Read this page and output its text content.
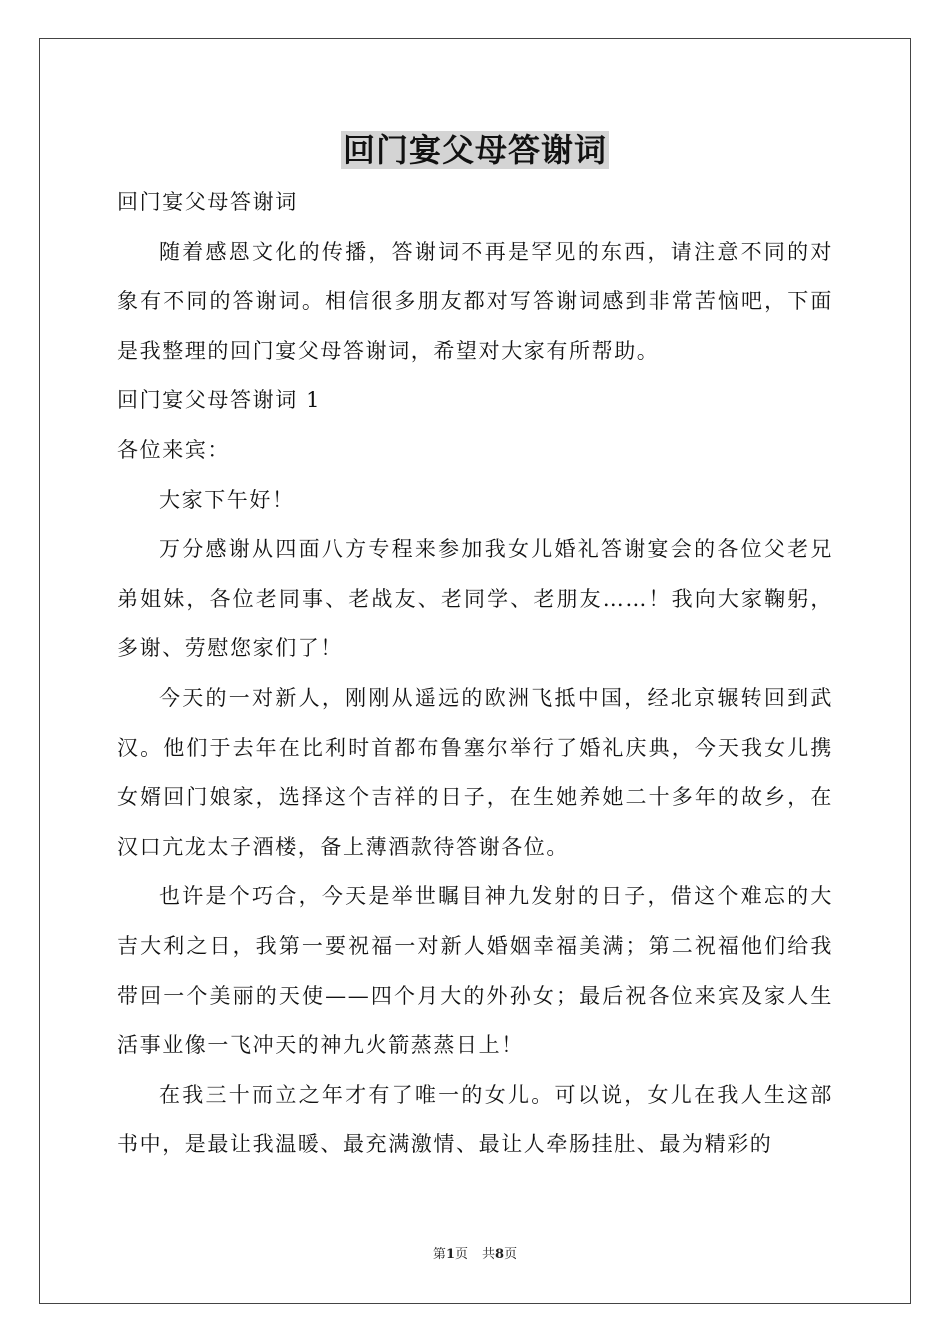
回门宴父母答谢词

回门宴父母答谢词

随着感恩文化的传播，答谢词不再是罕见的东西，请注意不同的对象有不同的答谢词。相信很多朋友都对写答谢词感到非常苦恼吧，下面是我整理的回门宴父母答谢词，希望对大家有所帮助。

回门宴父母答谢词 1

各位来宾：

大家下午好！

万分感谢从四面八方专程来参加我女儿婚礼答谢宴会的各位父老兄弟姐妹，各位老同事、老战友、老同学、老朋友……！我向大家鞠躬，多谢、劳慰您家们了！

今天的一对新人，刚刚从遥远的欧洲飞抵中国，经北京辗转回到武汉。他们于去年在比利时首都布鲁塞尔举行了婚礼庆典，今天我女儿携女婿回门娘家，选择这个吉祥的日子，在生她养她二十多年的故乡，在汉口亢龙太子酒楼，备上薄酒款待答谢各位。

也许是个巧合，今天是举世瞩目神九发射的日子，借这个难忘的大吉大利之日，我第一要祝福一对新人婚姻幸福美满；第二祝福他们给我带回一个美丽的天使——四个月大的外孙女；最后祝各位来宾及家人生活事业像一飞冲天的神九火箭蒸蒸日上！

在我三十而立之年才有了唯一的女儿。可以说，女儿在我人生这部书中，是最让我温暖、最充满激情、最让人牵肠挂肚、最为精彩的

第1页 共8页
